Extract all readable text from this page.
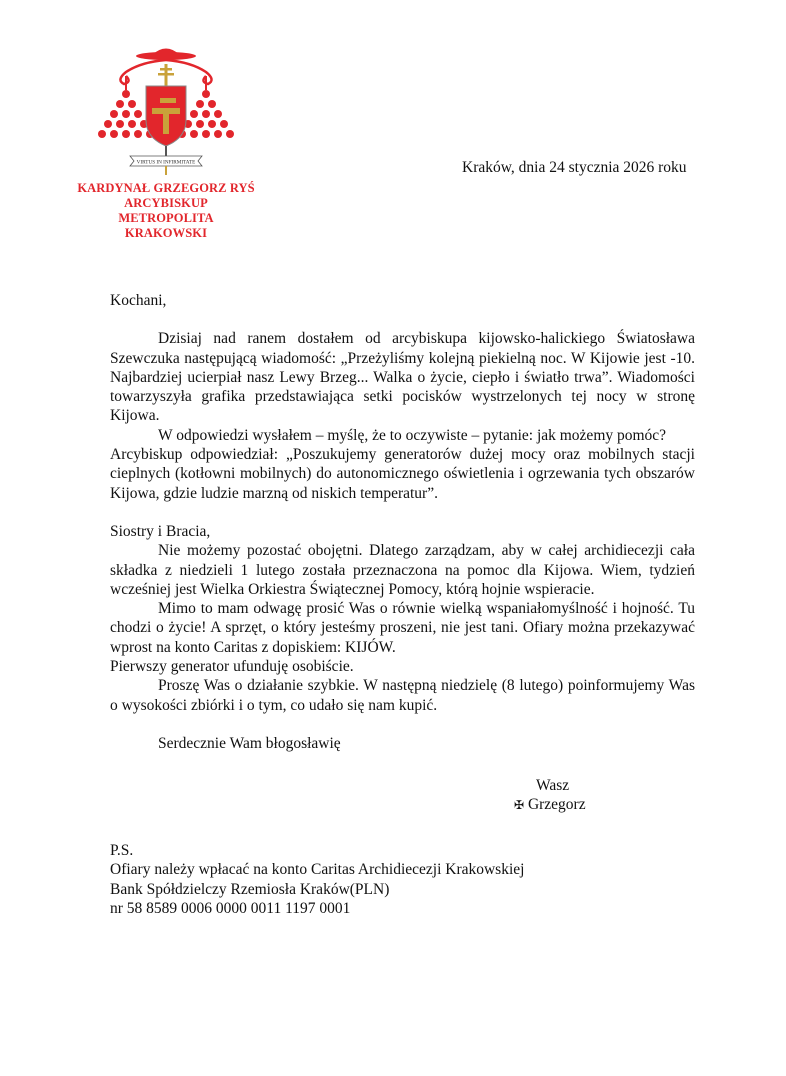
VIRTUS IN INFIRMITATE
KARDYNAŁ GRZEGORZ RYŚ
ARCYBISKUP
METROPOLITA KRAKOWSKI
Kraków, dnia 24 stycznia 2026 roku

Kochani,

Dzisiaj nad ranem dostałem od arcybiskupa kijowsko-halickiego Światosława Szewczuka następującą wiadomość: „Przeżyliśmy kolejną piekielną noc. W Kijowie jest -10. Najbardziej ucierpiał nasz Lewy Brzeg... Walka o życie, ciepło i światło trwa”. Wiadomości towarzyszyła grafika przedstawiająca setki pocisków wystrzelonych tej nocy w stronę Kijowa.

W odpowiedzi wysłałem – myślę, że to oczywiste – pytanie: jak możemy pomóc?

Arcybiskup odpowiedział: „Poszukujemy generatorów dużej mocy oraz mobilnych stacji cieplnych (kotłowni mobilnych) do autonomicznego oświetlenia i ogrzewania tych obszarów Kijowa, gdzie ludzie marzną od niskich temperatur”.

Siostry i Bracia,

Nie możemy pozostać obojętni. Dlatego zarządzam, aby w całej archidiecezji cała składka z niedzieli 1 lutego została przeznaczona na pomoc dla Kijowa. Wiem, tydzień wcześniej jest Wielka Orkiestra Świątecznej Pomocy, którą hojnie wspieracie.

Mimo to mam odwagę prosić Was o równie wielką wspaniałomyślność i hojność. Tu chodzi o życie! A sprzęt, o który jesteśmy proszeni, nie jest tani. Ofiary można przekazywać wprost na konto Caritas z dopiskiem: KIJÓW.

Pierwszy generator ufunduję osobiście.

Proszę Was o działanie szybkie. W następną niedzielę (8 lutego) poinformujemy Was o wysokości zbiórki i o tym, co udało się nam kupić.

Serdecznie Wam błogosławię

Wasz
✠ Grzegorz
P.S.
Ofiary należy wpłacać na konto Caritas Archidiecezji Krakowskiej
Bank Spółdzielczy Rzemiosła Kraków(PLN)
nr 58 8589 0006 0000 0011 1197 0001
